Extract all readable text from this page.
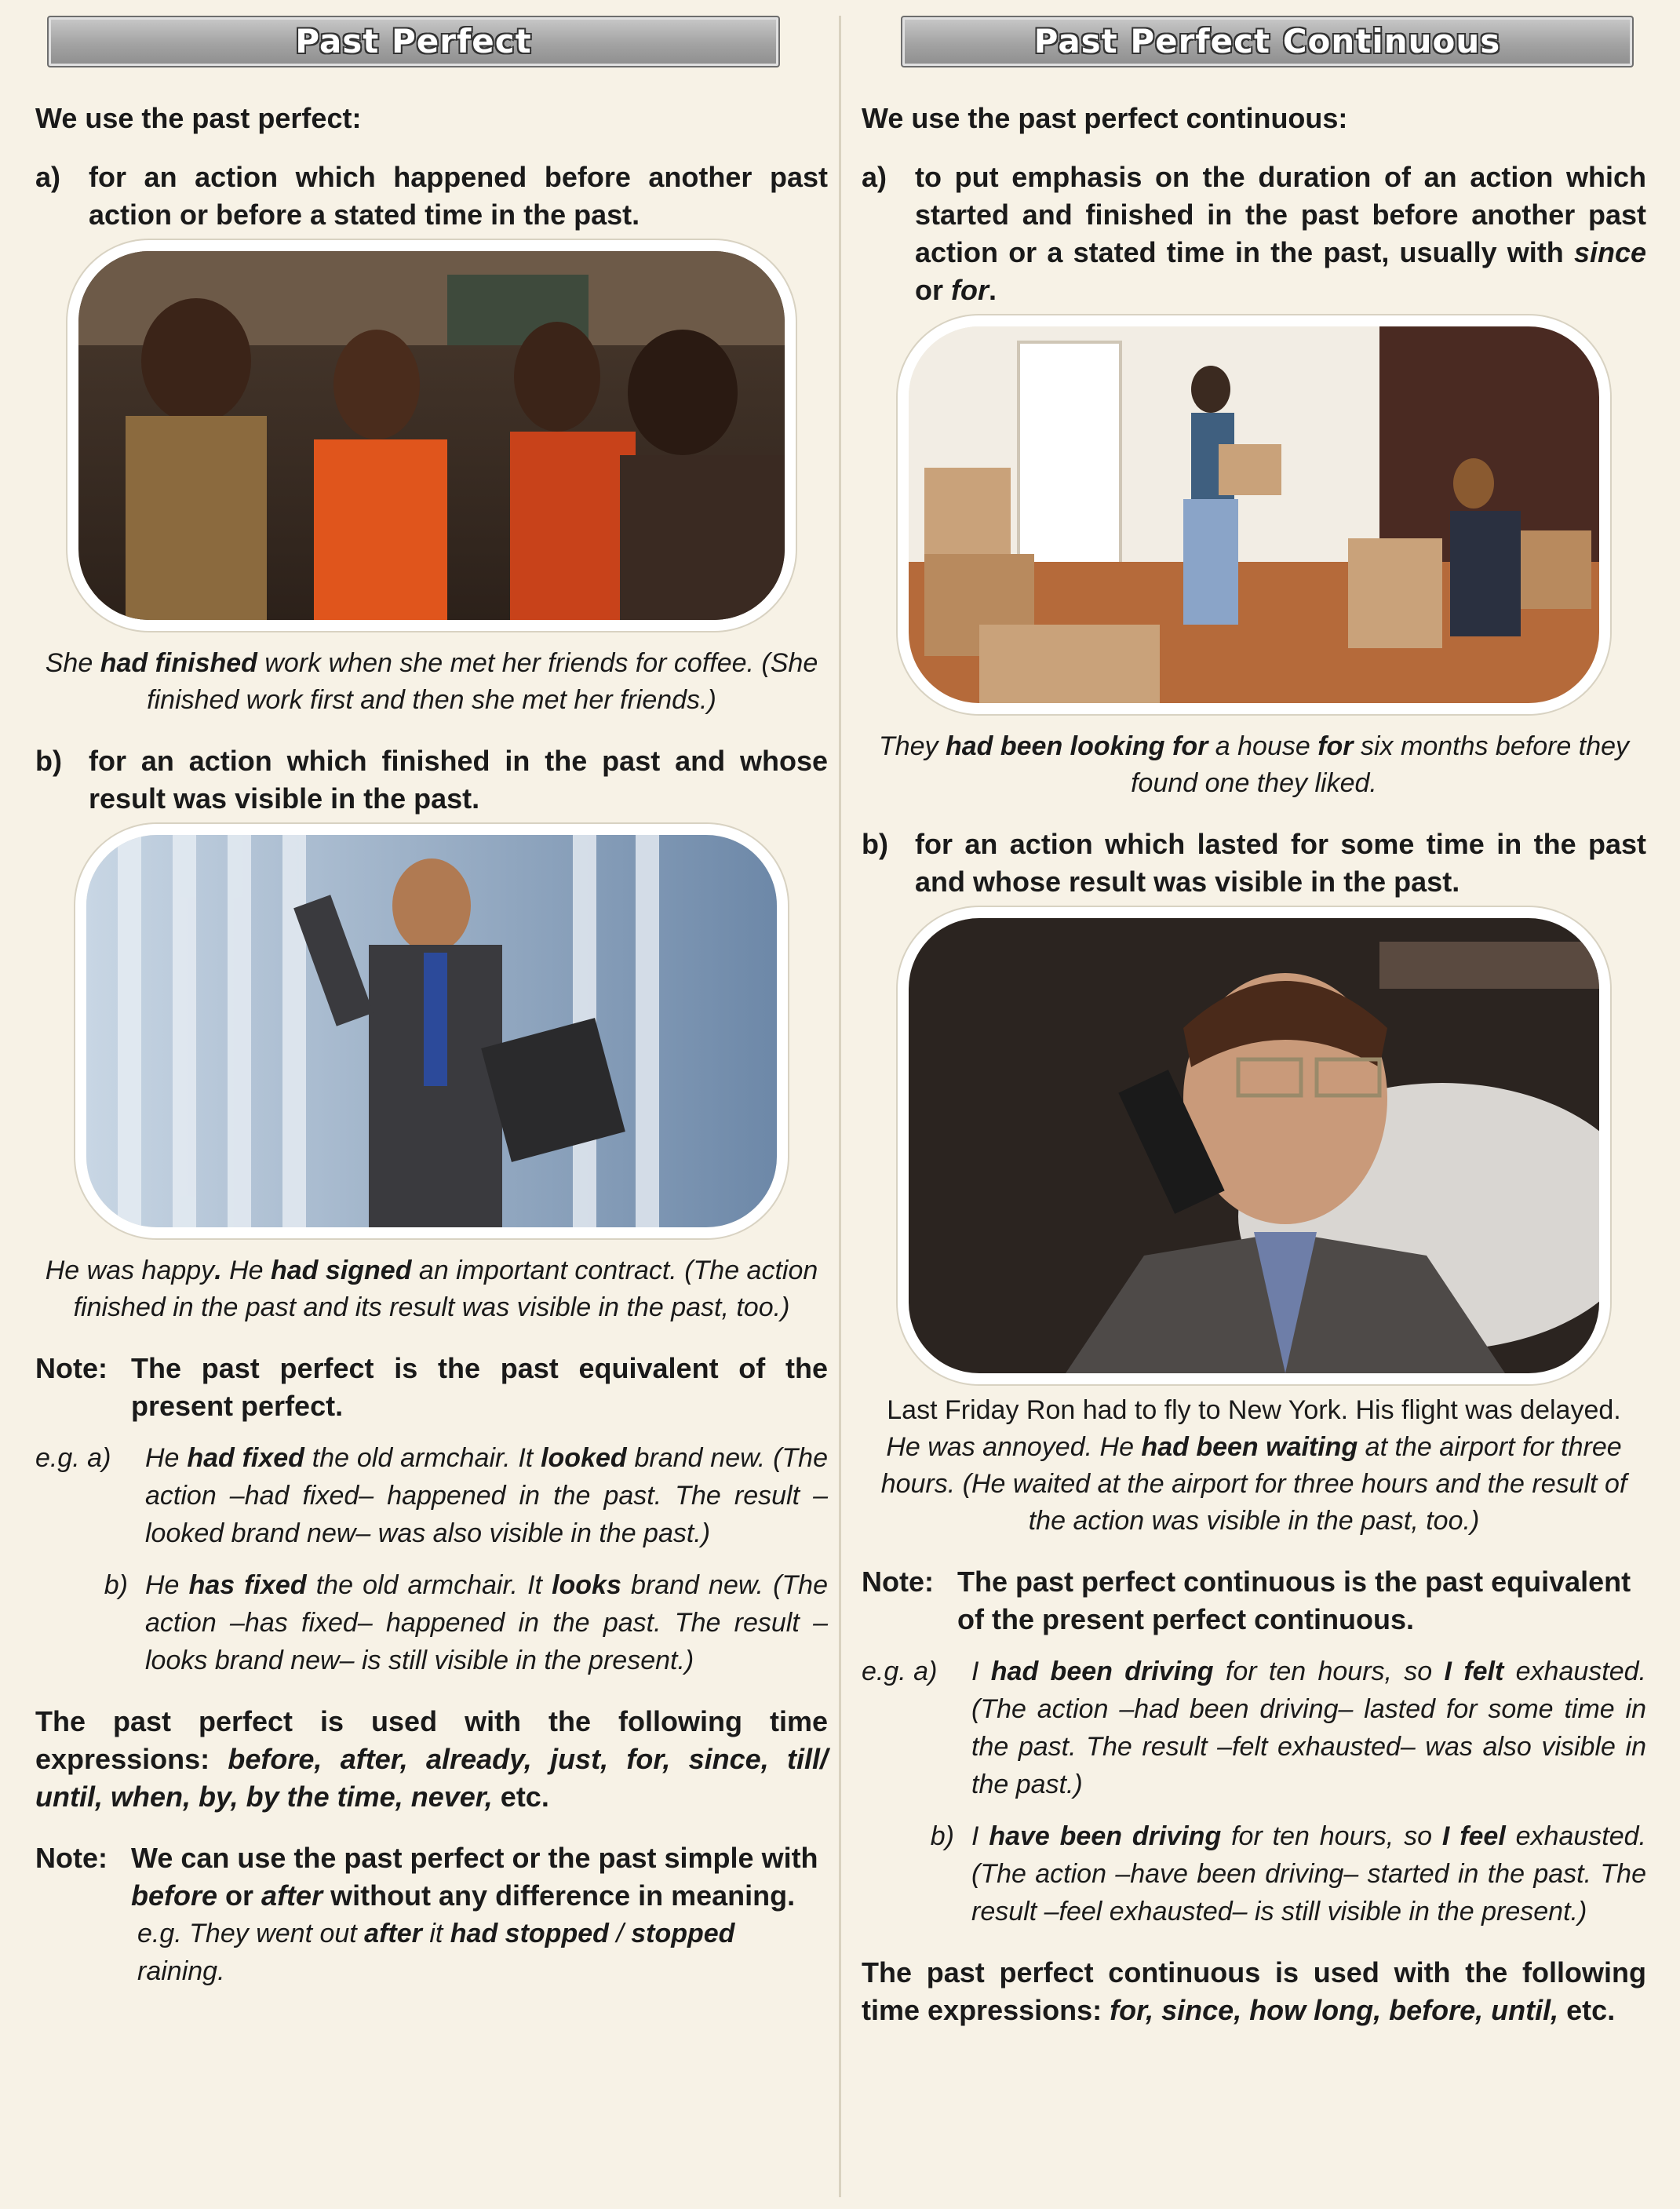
Past Perfect
We use the past perfect:
a) for an action which happened before another past action or before a stated time in the past.
She had finished work when she met her friends for coffee. (She finished work first and then she met her friends.)
b) for an action which finished in the past and whose result was visible in the past.
He was happy. He had signed an important contract. (The action finished in the past and its result was visible in the past, too.)
Note: The past perfect is the past equivalent of the present perfect.
e.g. a)	He had fixed the old armchair. It looked brand new. (The action –had fixed– happened in the past. The result –looked brand new– was also visible in the past.)
b) He has fixed the old armchair. It looks brand new. (The action –has fixed– happened in the past. The result –looks brand new– is still visible in the present.)
The past perfect is used with the following time expressions: before, after, already, just, for, since, till/ until, when, by, by the time, never, etc.
Note: We can use the past perfect or the past simple with before or after without any difference in meaning.
e.g. They went out after it had stopped / stopped raining.
Past Perfect Continuous
We use the past perfect continuous:
a) to put emphasis on the duration of an action which started and finished in the past before another past action or a stated time in the past, usually with since or for.
They had been looking for a house for six months before they found one they liked.
b) for an action which lasted for some time in the past and whose result was visible in the past.
Last Friday Ron had to fly to New York. His flight was delayed.
He was annoyed. He had been waiting at the airport for three hours. (He waited at the airport for three hours and the result of the action was visible in the past, too.)
Note: The past perfect continuous is the past equivalent of the present perfect continuous.
e.g. a)	I had been driving for ten hours, so I felt exhausted. (The action –had been driving– lasted for some time in the past. The result –felt exhausted– was also visible in the past.)
b) I have been driving for ten hours, so I feel exhausted. (The action –have been driving– started in the past. The result –feel exhausted– is still visible in the present.)
The past perfect continuous is used with the following time expressions: for, since, how long, before, until, etc.
